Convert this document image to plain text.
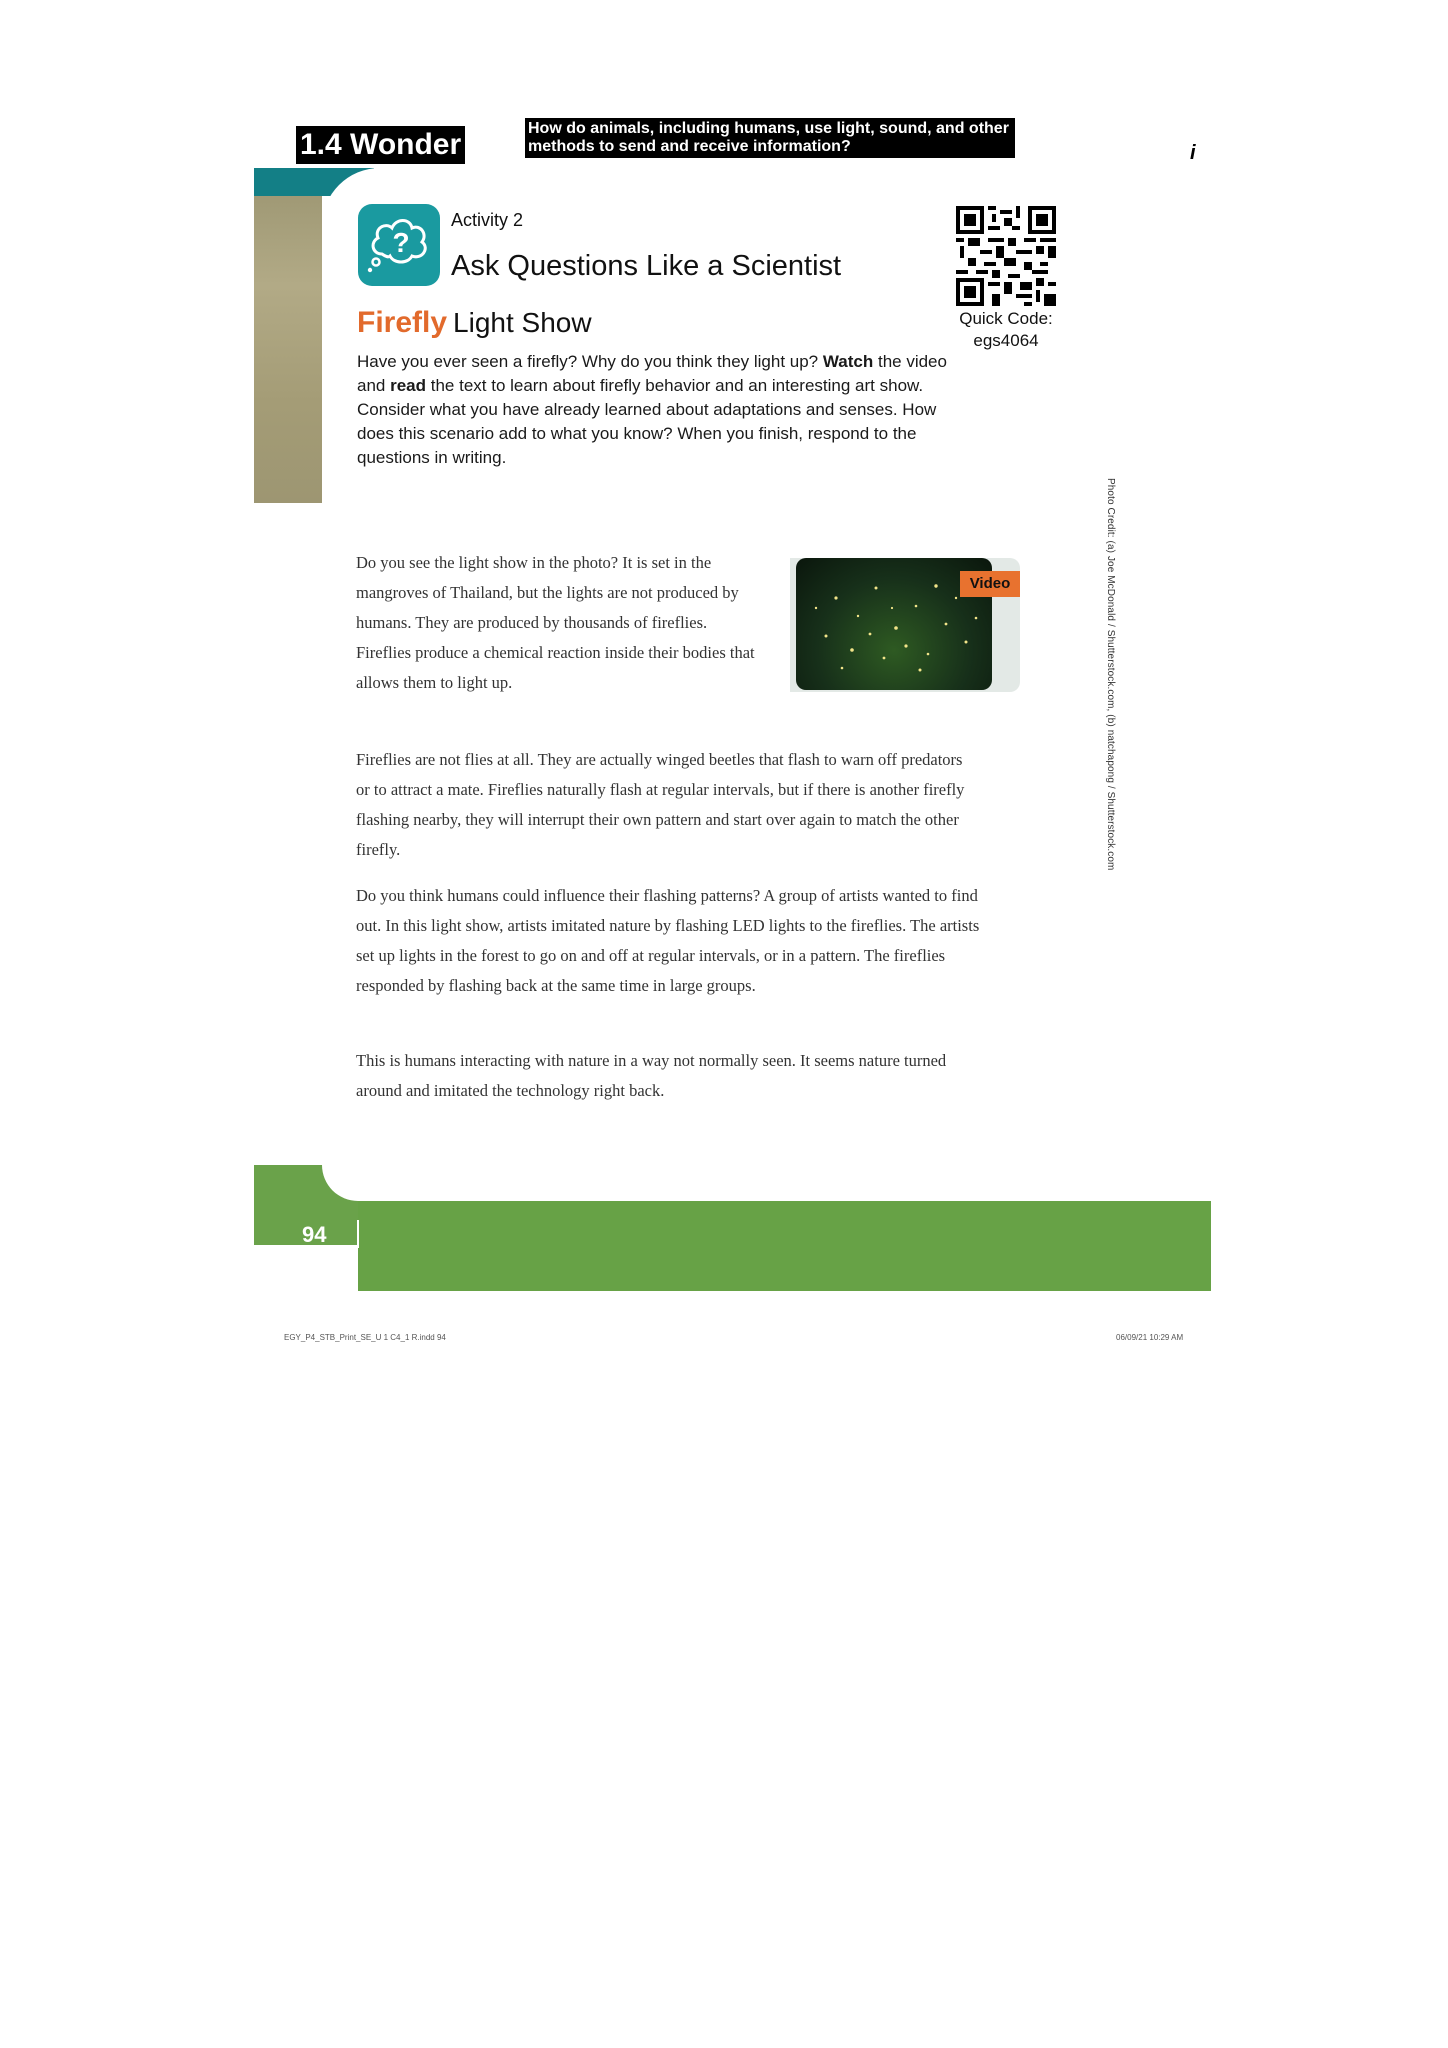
1.4 Wonder	How do animals, including humans, use light, sound, and other methods to send and receive information?	i
?
Activity 2
Ask Questions Like a Scientist
Firefly Light Show
Have you ever seen a firefly? Why do you think they light up? Watch the video and read the text to learn about firefly behavior and an interesting art show. Consider what you have already learned about adaptations and senses. How does this scenario add to what you know? When you finish, respond to the questions in writing.
Quick Code:
egs4064
Photo Credit: (a) Joe McDonald / Shutterstock.com, (b) natchapong / Shutterstock.com
Video

Do you see the light show in the photo? It is set in the mangroves of Thailand, but the lights are not produced by humans. They are produced by thousands of fireflies. Fireflies produce a chemical reaction inside their bodies that allows them to light up.

Fireflies are not flies at all. They are actually winged beetles that flash to warn off predators or to attract a mate. Fireflies naturally flash at regular intervals, but if there is another firefly flashing nearby, they will interrupt their own pattern and start over again to match the other firefly.

Do you think humans could influence their flashing patterns? A group of artists wanted to find out. In this light show, artists imitated nature by flashing LED lights to the fireflies. The artists set up lights in the forest to go on and off at regular intervals, or in a pattern. The fireflies responded by flashing back at the same time in large groups.

This is humans interacting with nature in a way not normally seen. It seems nature turned around and imitated the technology right back.

94
EGY_P4_STB_Print_SE_U 1 C4_1 R.indd 94	06/09/21 10:29 AM
